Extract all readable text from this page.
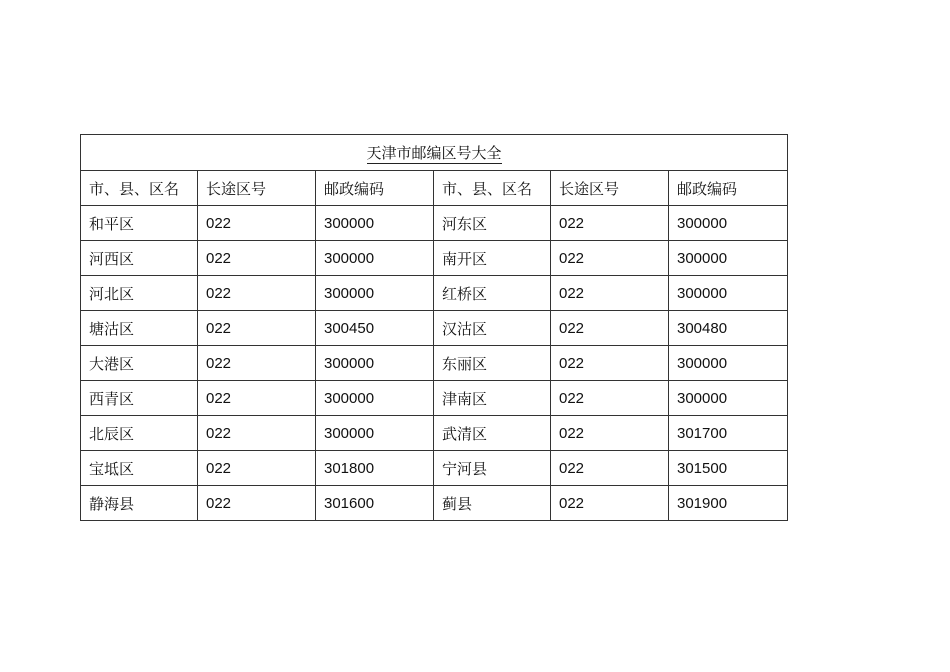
天津市邮编区号大全					
市、县、区名	长途区号	邮政编码	市、县、区名	长途区号	邮政编码
和平区	022	300000	河东区	022	300000
河西区	022	300000	南开区	022	300000
河北区	022	300000	红桥区	022	300000
塘沽区	022	300450	汉沽区	022	300480
大港区	022	300000	东丽区	022	300000
西青区	022	300000	津南区	022	300000
北辰区	022	300000	武清区	022	301700
宝坻区	022	301800	宁河县	022	301500
静海县	022	301600	蓟县	022	301900
